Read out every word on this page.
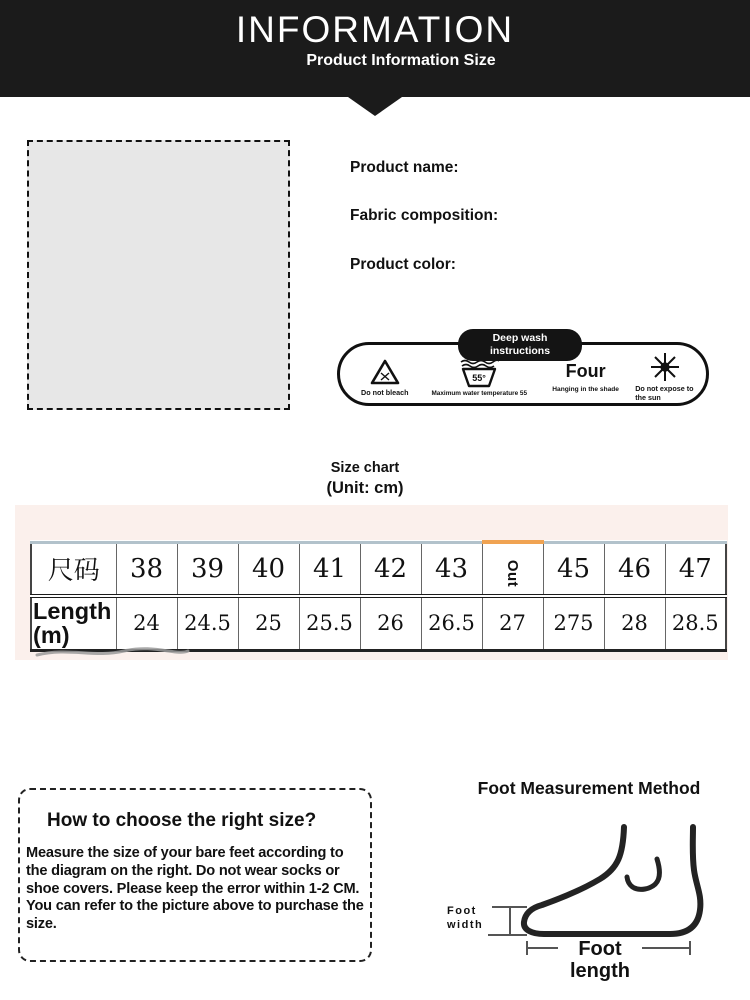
INFORMATION
Product Information Size
Product name:
Fabric composition:
Product color:
Deep wash
instructions
Do not bleach
55°
Maximum water temperature 55
Four
Hanging in the shade Do not expose to the sun
Size chart
(Unit: cm)
尺码	38	39	40	41	42	43	Out	45	46	47

Length
(m)	24	24.5	25	25.5	26	26.5	27	275	28	28.5
How to choose the right size?
Measure the size of your bare feet according to the diagram on the right. Do not wear socks or shoe covers. Please keep the error within 1-2 CM. You can refer to the picture above to purchase the size.
Foot Measurement Method
Foot
width
Foot
length
